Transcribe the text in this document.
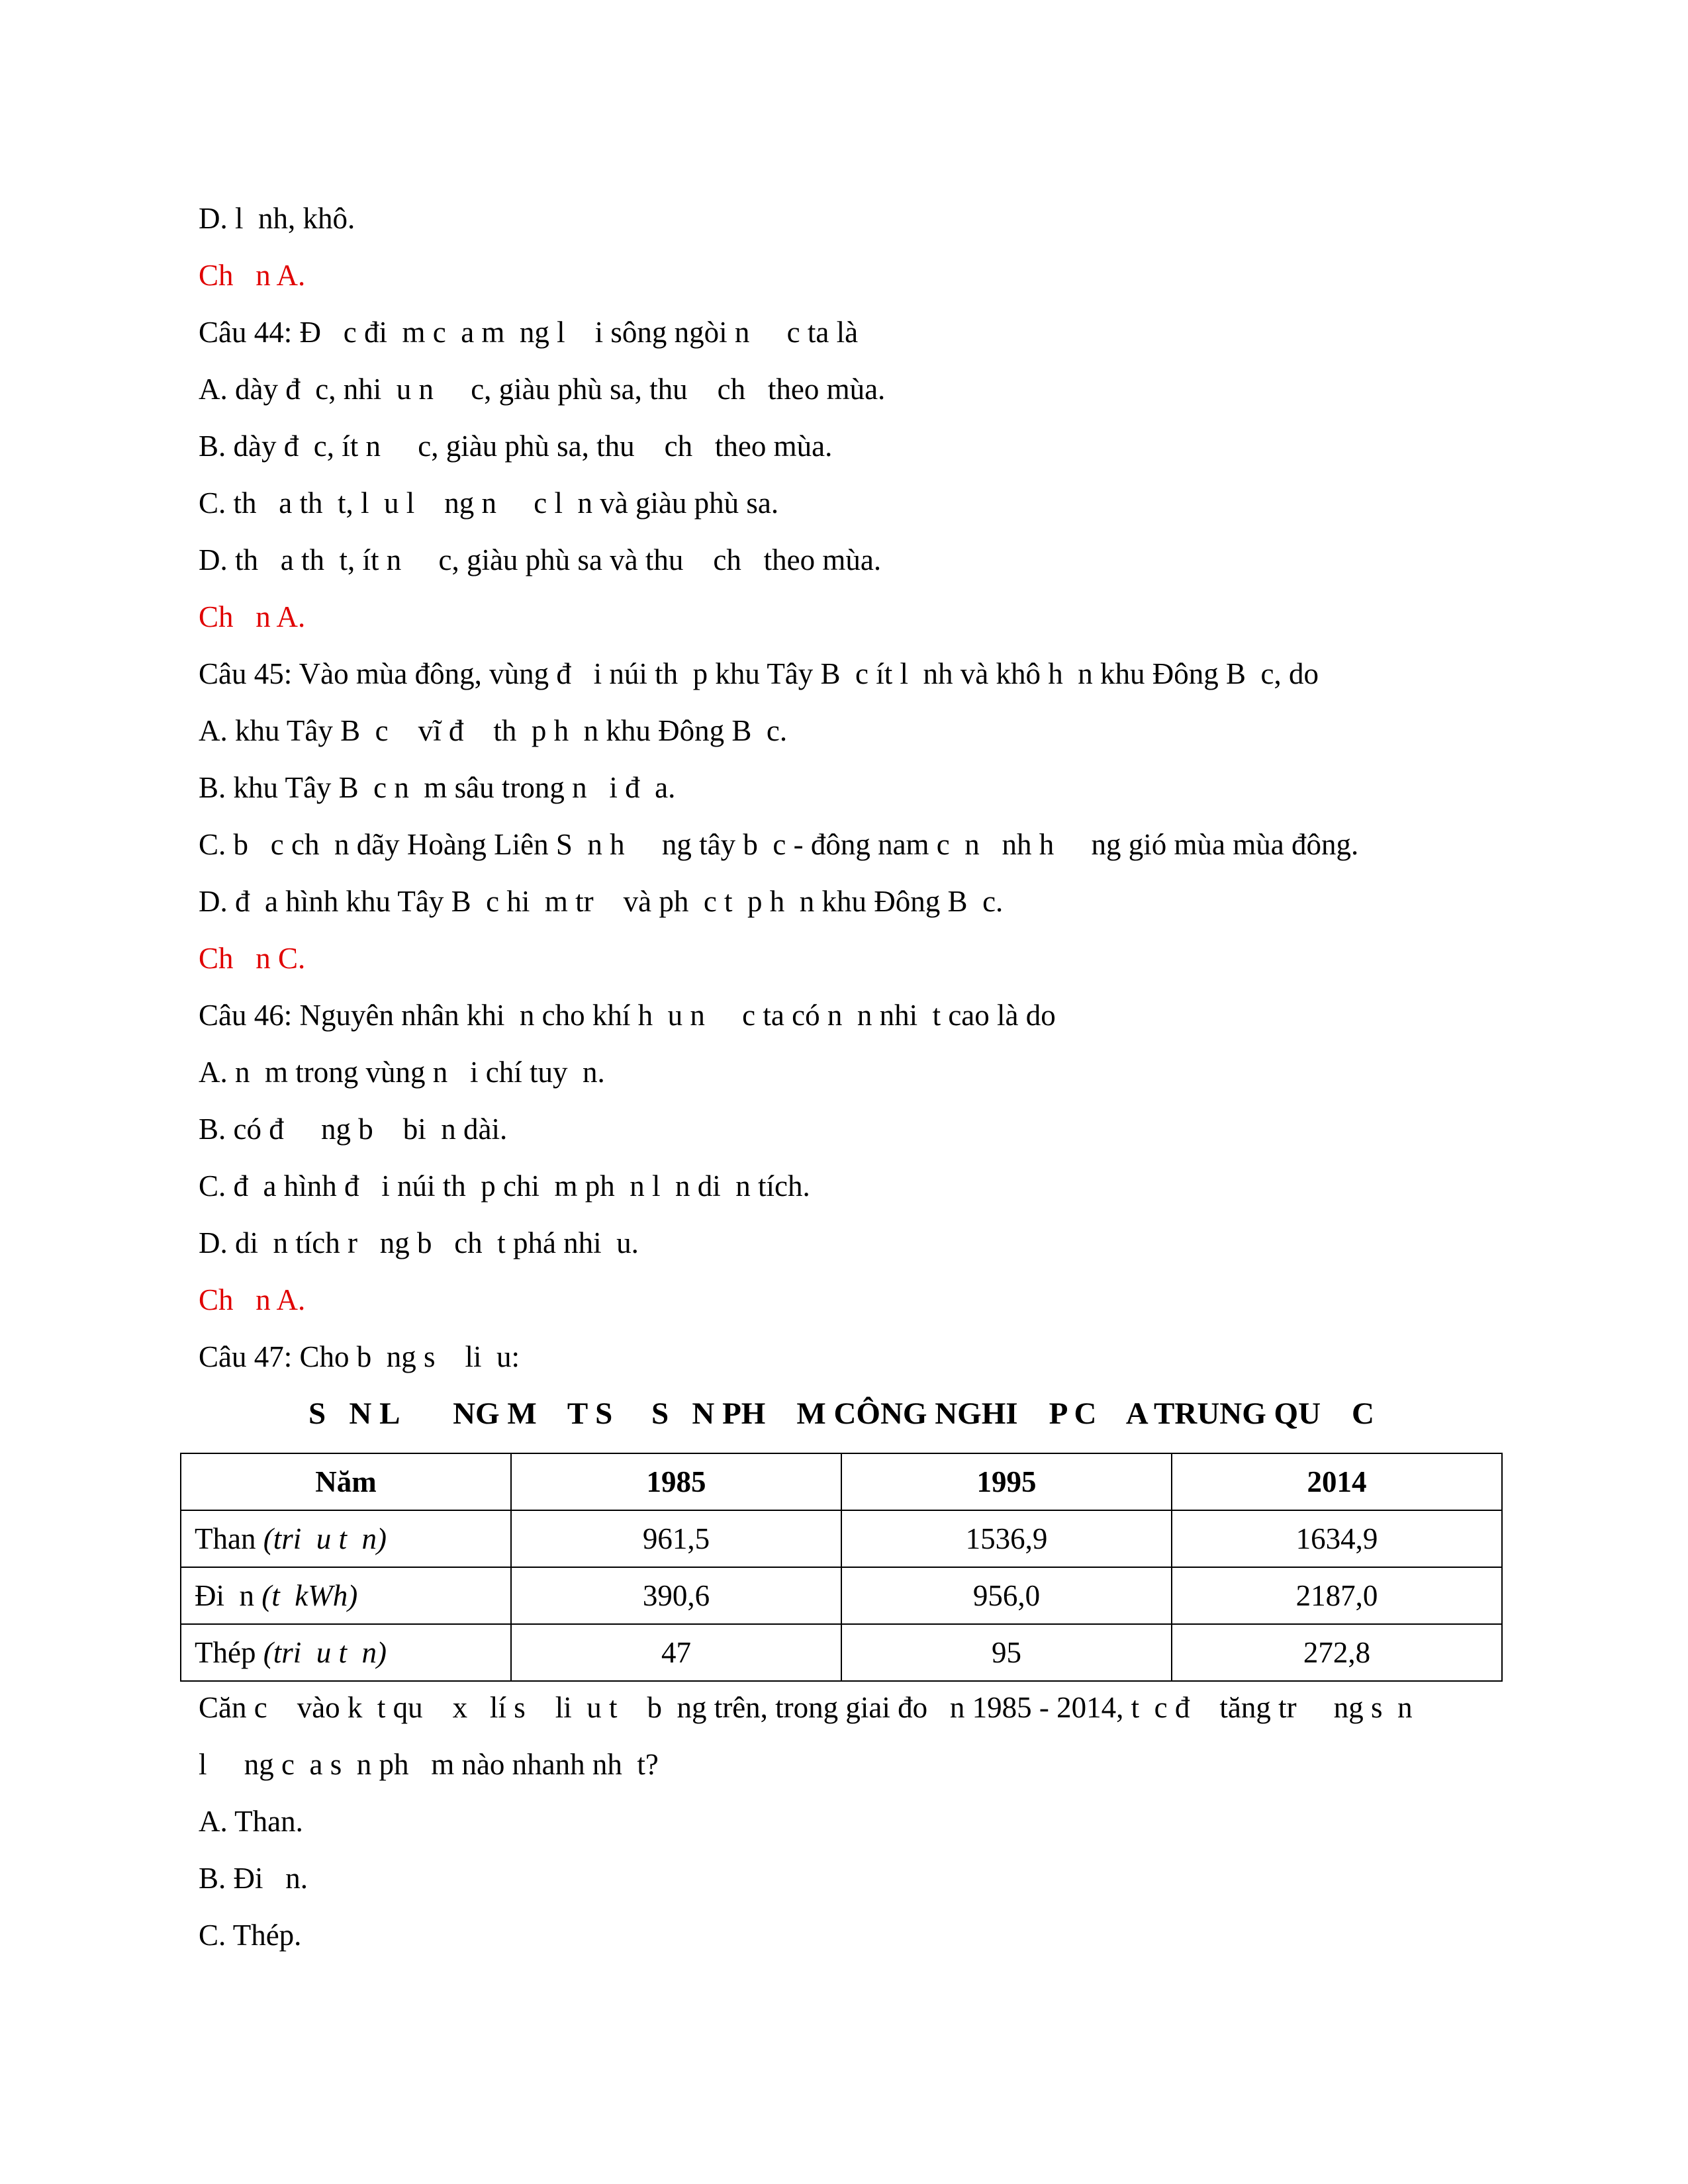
D. l  nh, khô.
Ch   n A.
Câu 44: Đ   c đi  m c  a m  ng l    i sông ngòi n     c ta là
A. dày đ  c, nhi  u n     c, giàu phù sa, thu    ch   theo mùa.
B. dày đ  c, ít n     c, giàu phù sa, thu    ch   theo mùa.
C. th   a th  t, l  u l    ng n     c l  n và giàu phù sa.
D. th   a th  t, ít n     c, giàu phù sa và thu    ch   theo mùa.
Ch   n A.
Câu 45: Vào mùa đông, vùng đ   i núi th  p khu Tây B  c ít l  nh và khô h  n khu Đông B  c, do
A. khu Tây B  c    vĩ đ    th  p h  n khu Đông B  c.
B. khu Tây B  c n  m sâu trong n   i đ  a.
C. b   c ch  n dãy Hoàng Liên S  n h     ng tây b  c - đông nam c  n   nh h     ng gió mùa mùa đông.
D. đ  a hình khu Tây B  c hi  m tr    và ph  c t  p h  n khu Đông B  c.
Ch   n C.
Câu 46: Nguyên nhân khi  n cho khí h  u n     c ta có n  n nhi  t cao là do
A. n  m trong vùng n   i chí tuy  n.
B. có đ     ng b    bi  n dài.
C. đ  a hình đ   i núi th  p chi  m ph  n l  n di  n tích.
D. di  n tích r   ng b   ch  t phá nhi  u.
Ch   n A.
Câu 47: Cho b  ng s    li  u:
S   N L       NG M    T S     S   N PH    M CÔNG NGHI    P C    A TRUNG QU    C
Năm	1985	1995	2014
Than (tri  u t  n)	961,5	1536,9	1634,9
Đi  n (t  kWh)	390,6	956,0	2187,0
Thép (tri  u t  n)	47	95	272,8
Căn c    vào k  t qu    x   lí s    li  u t    b  ng trên, trong giai đo   n 1985 - 2014, t  c đ    tăng tr     ng s  n
l     ng c  a s  n ph   m nào nhanh nh  t?
A. Than.
B. Đi   n.
C. Thép.
